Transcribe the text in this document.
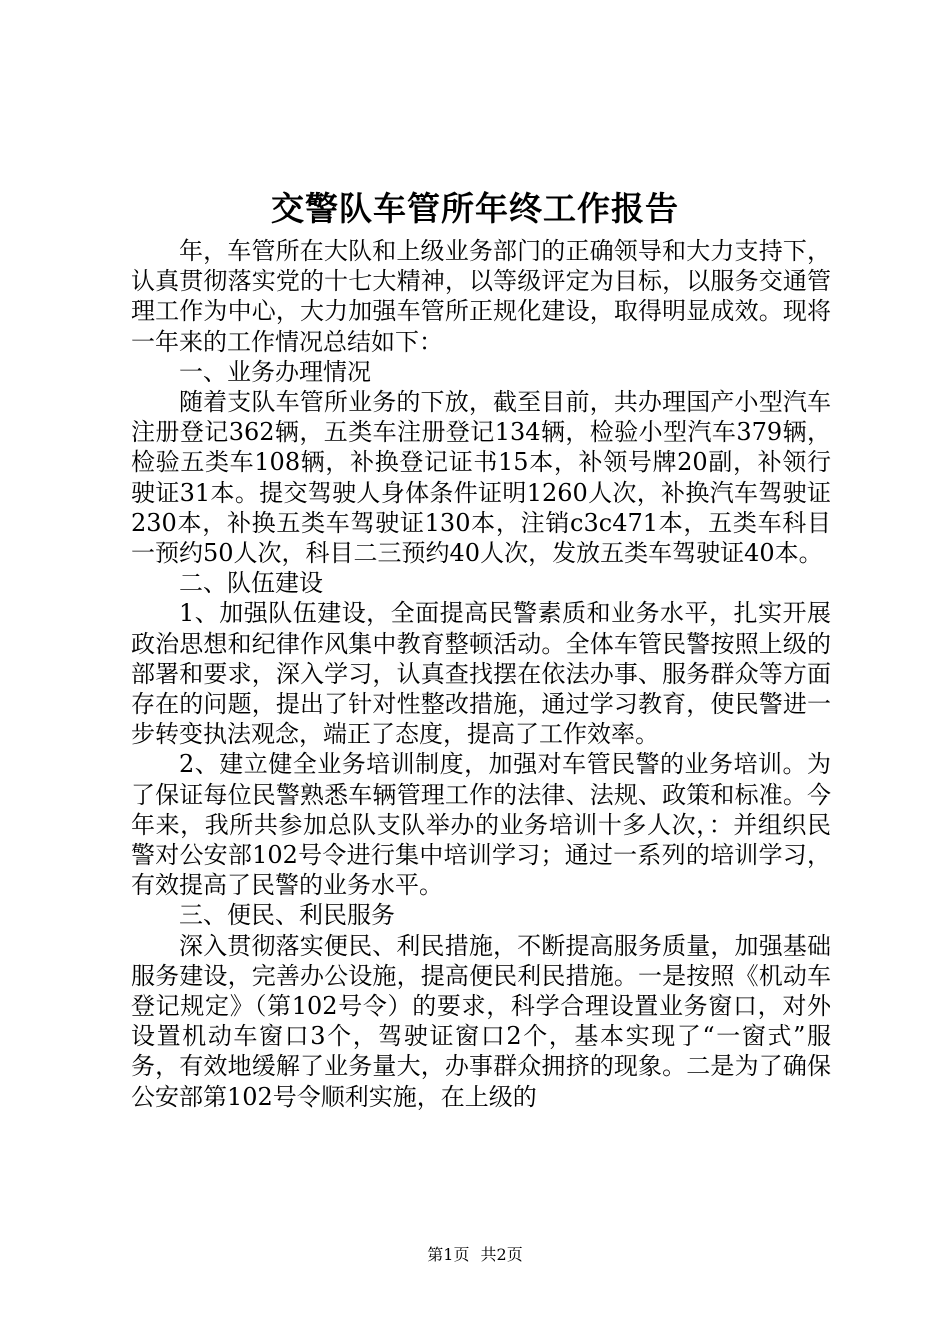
交警队车管所年终工作报告

年，车管所在大队和上级业务部门的正确领导和大力支持下，认真贯彻落实党的十七大精神，以等级评定为目标，以服务交通管理工作为中心，大力加强车管所正规化建设，取得明显成效。现将一年来的工作情况总结如下：

一、业务办理情况

随着支队车管所业务的下放，截至目前，共办理国产小型汽车注册登记362辆，五类车注册登记134辆，检验小型汽车379辆，检验五类车108辆，补换登记证书15本，补领号牌20副，补领行驶证31本。提交驾驶人身体条件证明1260人次，补换汽车驾驶证230本，补换五类车驾驶证130本，注销c3c471本，五类车科目一预约50人次，科目二三预约40人次，发放五类车驾驶证40本。

二、队伍建设

1、加强队伍建设，全面提高民警素质和业务水平，扎实开展政治思想和纪律作风集中教育整顿活动。全体车管民警按照上级的部署和要求，深入学习，认真查找摆在依法办事、服务群众等方面存在的问题，提出了针对性整改措施，通过学习教育，使民警进一步转变执法观念，端正了态度，提高了工作效率。

2、建立健全业务培训制度，加强对车管民警的业务培训。为了保证每位民警熟悉车辆管理工作的法律、法规、政策和标准。今年来，我所共参加总队支队举办的业务培训十多人次，：并组织民警对公安部102号令进行集中培训学习；通过一系列的培训学习，有效提高了民警的业务水平。

三、便民、利民服务

深入贯彻落实便民、利民措施，不断提高服务质量，加强基础服务建设，完善办公设施，提高便民利民措施。一是按照《机动车登记规定》（第102号令）的要求，科学合理设置业务窗口，对外设置机动车窗口3个，驾驶证窗口2个，基本实现了“一窗式”服务，有效地缓解了业务量大，办事群众拥挤的现象。二是为了确保公安部第102号令顺利实施，在上级的

第1页 共2页
